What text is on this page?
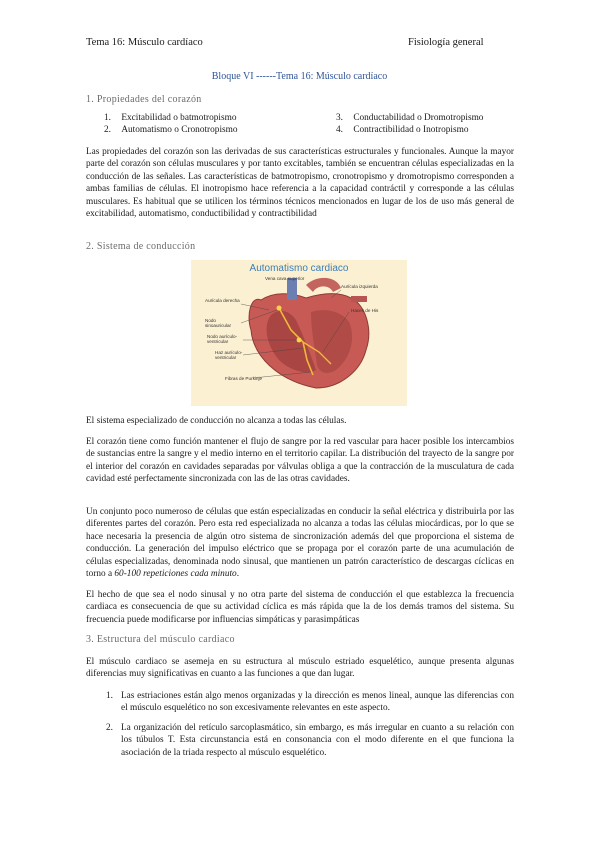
Tema 16: Músculo cardíaco	Fisiología general
Bloque VI ------Tema 16: Músculo cardíaco
1. Propiedades del corazón
1. Excitabilidad o batmotropismo
2. Automatismo o Cronotropismo
3. Conductabilidad o Dromotropismo
4. Contractibilidad o Inotropismo
Las propiedades del corazón son las derivadas de sus características estructurales y funcionales. Aunque la mayor parte del corazón son células musculares y por tanto excitables, también se encuentran células especializadas en la conducción de las señales. Las características de batmotropismo, cronotropismo y dromotropismo corresponden a ambas familias de células. El inotropismo hace referencia a la capacidad contráctil y corresponde a las células musculares. Es habitual que se utilicen los términos técnicos mencionados en lugar de los de uso más general de excitabilidad, automatismo, conductibilidad y contractibilidad
2. Sistema de conducción
Automatismo cardiaco
Vena cava superior
Aurícula izquierda
Aurícula derecha
Haces de His
Nodo sinoauricular
Nodo aurículo-ventricular
Haz aurículo-ventricular
Fibras de Purkinje
El sistema especializado de conducción no alcanza a todas las células.
El corazón tiene como función mantener el flujo de sangre por la red vascular para hacer posible los intercambios de sustancias entre la sangre y el medio interno en el territorio capilar. La distribución del trayecto de la sangre por el interior del corazón en cavidades separadas por válvulas obliga a que la contracción de la musculatura de cada cavidad esté perfectamente sincronizada con las de las otras cavidades.
Un conjunto poco numeroso de células que están especializadas en conducir la señal eléctrica y distribuirla por las diferentes partes del corazón. Pero esta red especializada no alcanza a todas las células miocárdicas, por lo que se hace necesaria la presencia de algún otro sistema de sincronización además del que proporciona el sistema de conducción. La generación del impulso eléctrico que se propaga por el corazón parte de una acumulación de células especializadas, denominada nodo sinusal, que mantienen un patrón característico de descargas cíclicas en torno a 60-100 repeticiones cada minuto.
El hecho de que sea el nodo sinusal y no otra parte del sistema de conducción el que establezca la frecuencia cardiaca es consecuencia de que su actividad cíclica es más rápida que la de los demás tramos del sistema. Su frecuencia puede modificarse por influencias simpáticas y parasimpáticas
3. Estructura del músculo cardiaco
El músculo cardiaco se asemeja en su estructura al músculo estriado esquelético, aunque presenta algunas diferencias muy significativas en cuanto a las funciones a que dan lugar.
1. Las estriaciones están algo menos organizadas y la dirección es menos lineal, aunque las diferencias con el músculo esquelético no son excesivamente relevantes en este aspecto.
2. La organización del retículo sarcoplasmático, sin embargo, es más irregular en cuanto a su relación con los túbulos T. Esta circunstancia está en consonancia con el modo diferente en el que funciona la asociación de la triada respecto al músculo esquelético.
